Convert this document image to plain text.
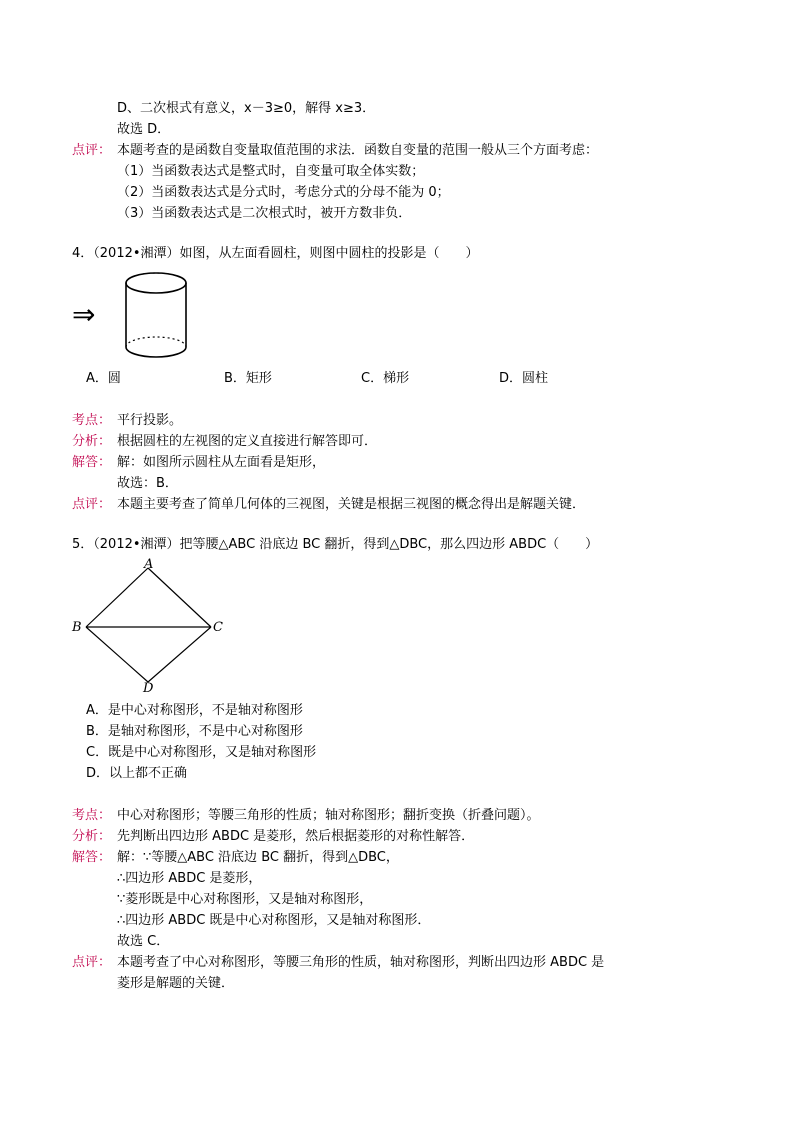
D、二次根式有意义，x－3≥0，解得 x≥3．
故选 D．
点评： 本题考查的是函数自变量取值范围的求法．函数自变量的范围一般从三个方面考虑：
（1）当函数表达式是整式时，自变量可取全体实数；
（2）当函数表达式是分式时，考虑分式的分母不能为 0；
（3）当函数表达式是二次根式时，被开方数非负．
4．（2012•湘潭）如图，从左面看圆柱，则图中圆柱的投影是（　　）
⇒
A．圆	B．矩形	C．梯形	D．圆柱
考点： 平行投影。
分析： 根据圆柱的左视图的定义直接进行解答即可．
解答： 解：如图所示圆柱从左面看是矩形，
故选：B．
点评： 本题主要考查了简单几何体的三视图，关键是根据三视图的概念得出是解题关键．
5．（2012•湘潭）把等腰△ABC 沿底边 BC 翻折，得到△DBC，那么四边形 ABDC（　　）
A
B	C
D
A．是中心对称图形，不是轴对称图形
B．是轴对称图形，不是中心对称图形
C．既是中心对称图形，又是轴对称图形
D．以上都不正确
考点： 中心对称图形；等腰三角形的性质；轴对称图形；翻折变换（折叠问题）。
分析： 先判断出四边形 ABDC 是菱形，然后根据菱形的对称性解答．
解答： 解：∵等腰△ABC 沿底边 BC 翻折，得到△DBC，
∴四边形 ABDC 是菱形，
∵菱形既是中心对称图形，又是轴对称图形，
∴四边形 ABDC 既是中心对称图形，又是轴对称图形．
故选 C．
点评： 本题考查了中心对称图形，等腰三角形的性质，轴对称图形，判断出四边形 ABDC 是
菱形是解题的关键．
